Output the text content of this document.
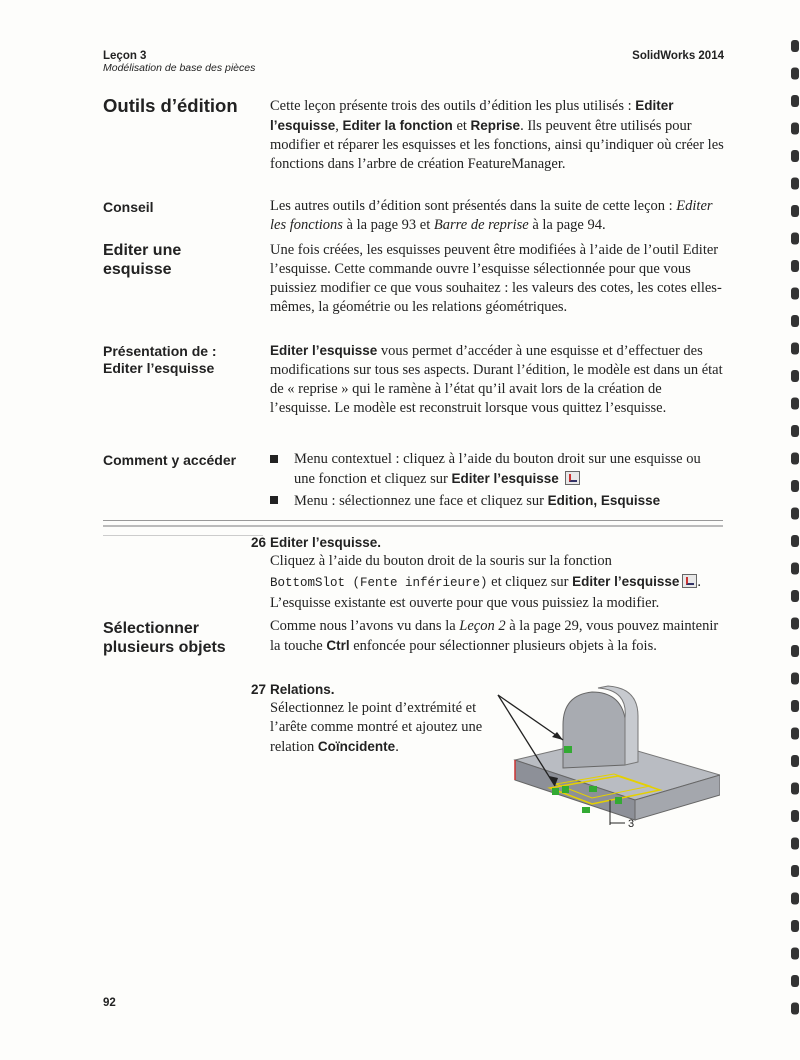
Leçon 3
Modélisation de base des pièces
SolidWorks 2014
Outils d’édition	Cette leçon présente trois des outils d’édition les plus utilisés : Editer l’esquisse, Editer la fonction et Reprise. Ils peuvent être utilisés pour modifier et réparer les esquisses et les fonctions, ainsi qu’indiquer où créer les fonctions dans l’arbre de création FeatureManager.
Conseil	Les autres outils d’édition sont présentés dans la suite de cette leçon : Editer les fonctions à la page 93 et Barre de reprise à la page 94.
Editer une esquisse
Une fois créées, les esquisses peuvent être modifiées à l’aide de l’outil Editer l’esquisse. Cette commande ouvre l’esquisse sélectionnée pour que vous puissiez modifier ce que vous souhaitez : les valeurs des cotes, les cotes elles-mêmes, la géométrie ou les relations géométriques.
Présentation de :
Editer l’esquisse
Editer l’esquisse vous permet d’accéder à une esquisse et d’effectuer des modifications sur tous ses aspects. Durant l’édition, le modèle est dans un état de « reprise » qui le ramène à l’état qu’il avait lors de la création de l’esquisse. Le modèle est reconstruit lorsque vous quittez l’esquisse.
Comment y accéder	Menu contextuel : cliquez à l’aide du bouton droit sur une esquisse ou une fonction et cliquez sur Editer l’esquisse
Menu : sélectionnez une face et cliquez sur Edition, Esquisse
26 Editer l’esquisse.
Cliquez à l’aide du bouton droit de la souris sur la fonction
BottomSlot (Fente inférieure) et cliquez sur Editer l’esquisse .
L’esquisse existante est ouverte pour que vous puissiez la modifier.
Sélectionner plusieurs objets
Comme nous l’avons vu dans la Leçon 2 à la page 29, vous pouvez maintenir la touche Ctrl enfoncée pour sélectionner plusieurs objets à la fois.
27 Relations.
Sélectionnez le point d’extrémité et l’arête comme montré et ajoutez une relation Coïncidente.
3
92
